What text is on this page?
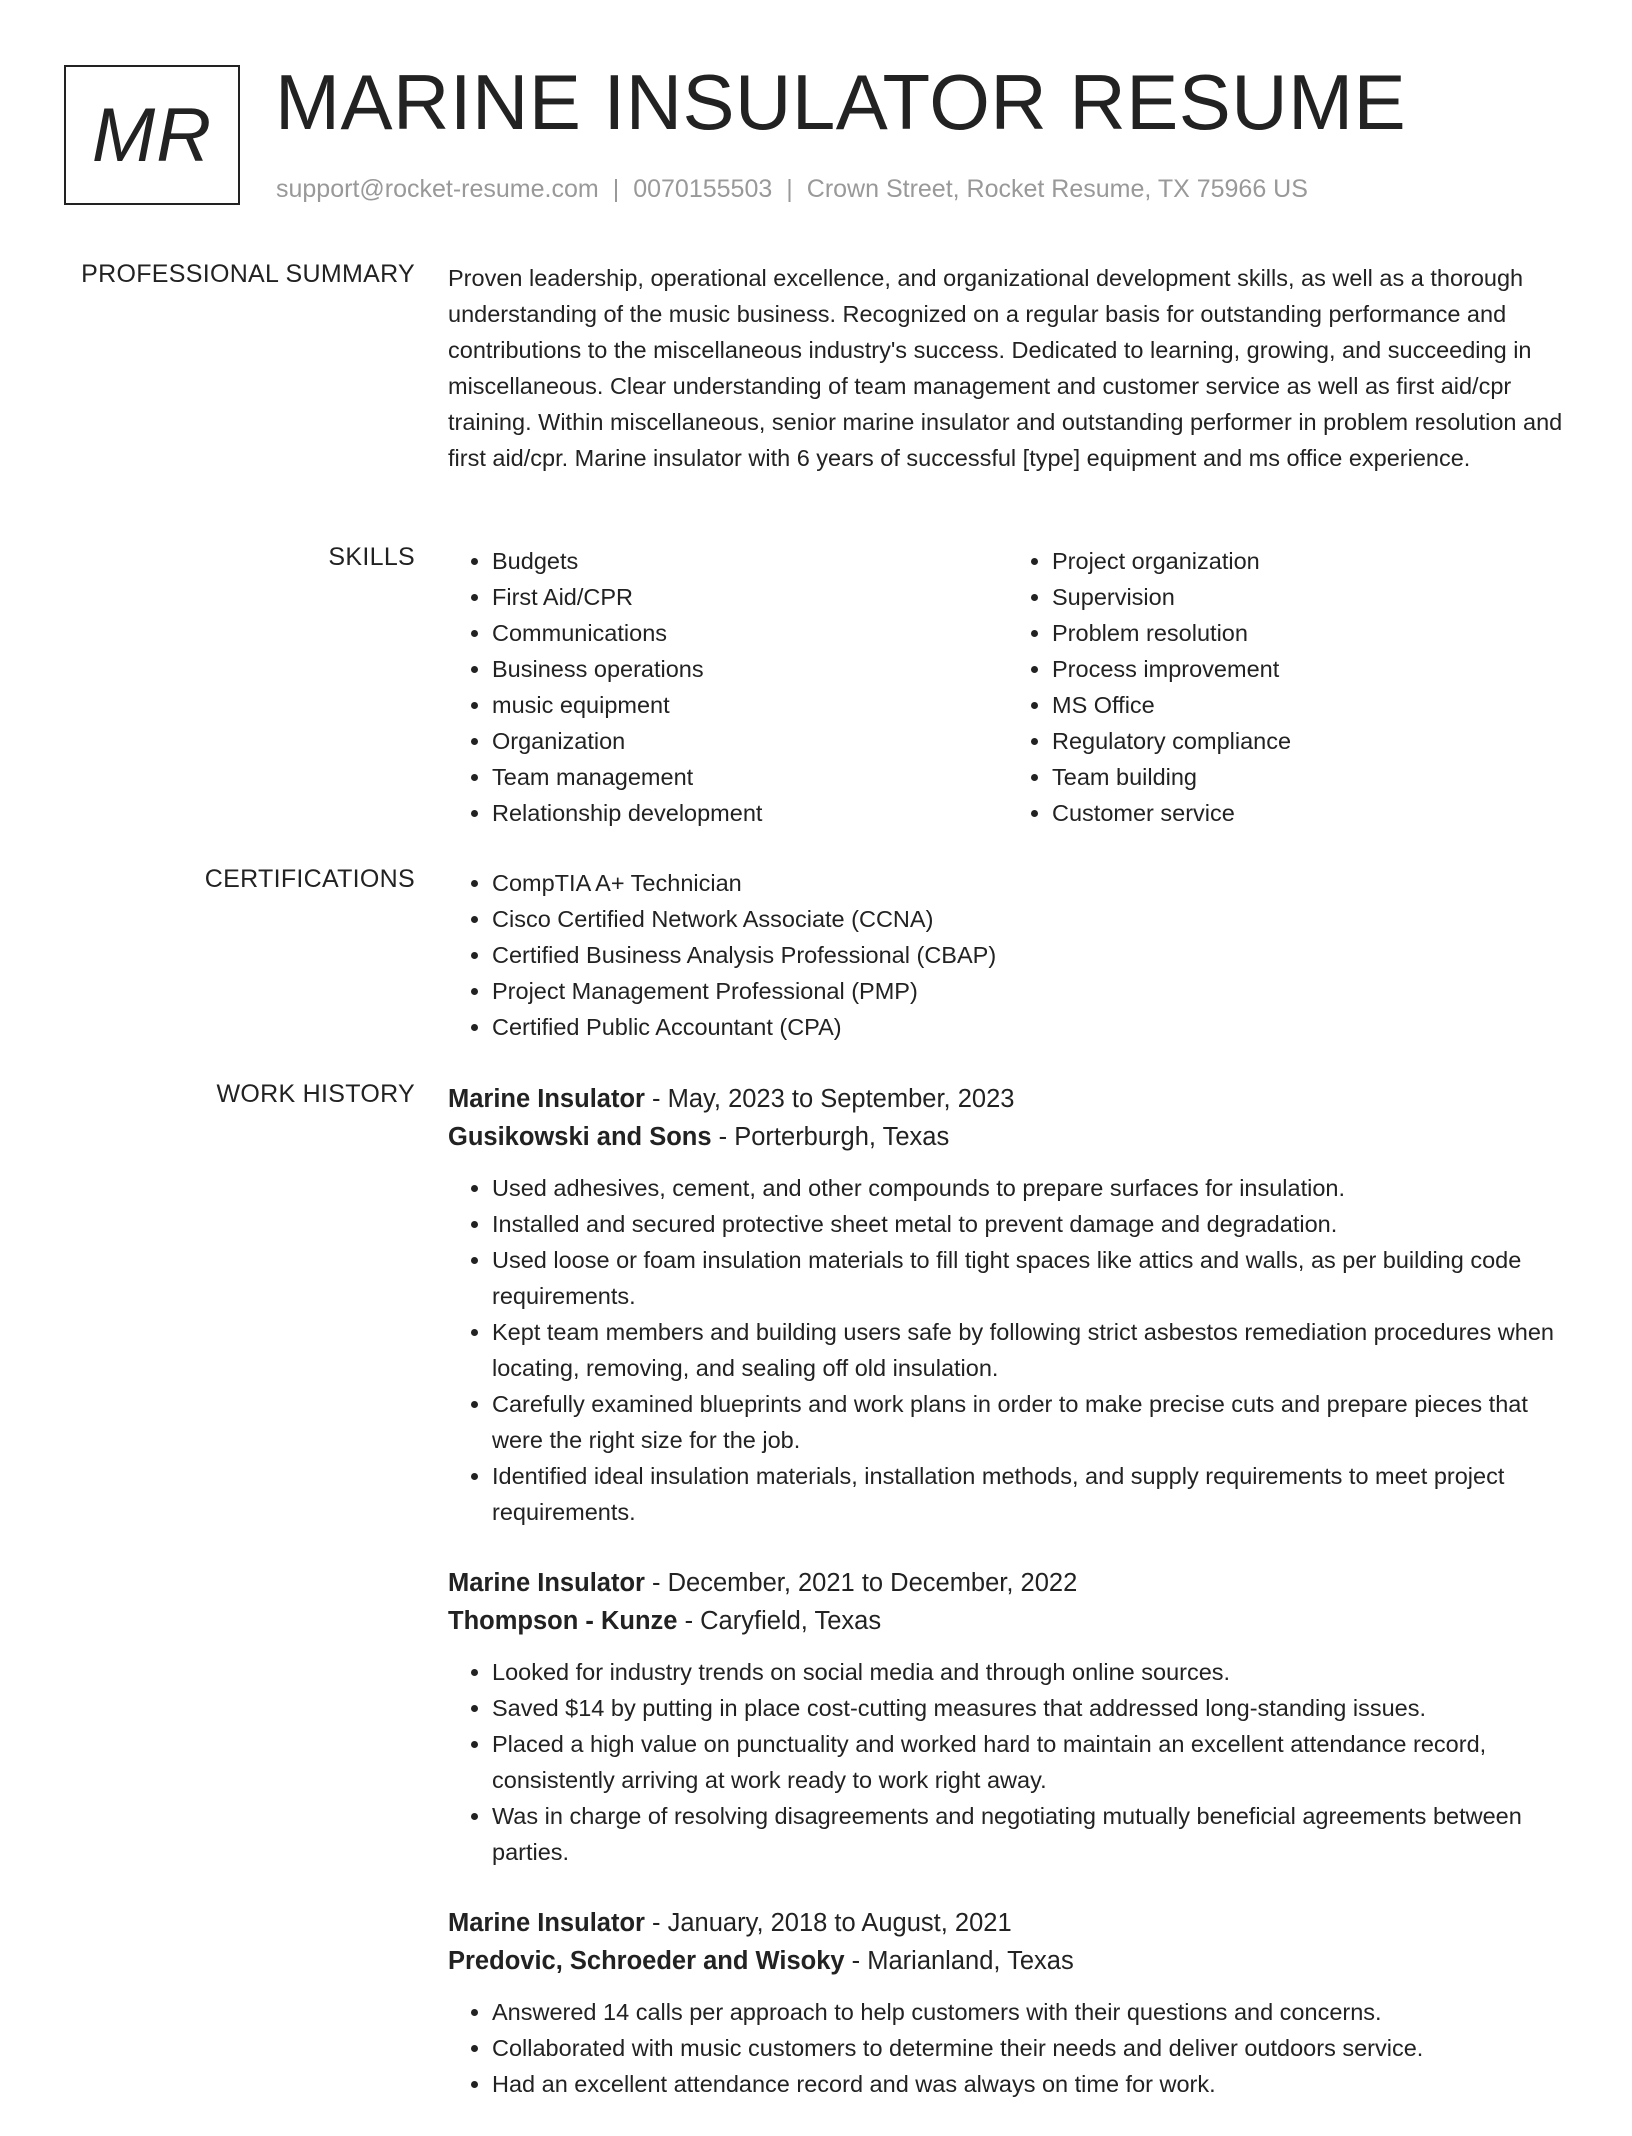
MR MARINE INSULATOR RESUME
support@rocket-resume.com | 0070155503 | Crown Street, Rocket Resume, TX 75966 US
PROFESSIONAL SUMMARY Proven leadership, operational excellence, and organizational development skills, as well as a thorough understanding of the music business. Recognized on a regular basis for outstanding performance and contributions to the miscellaneous industry's success. Dedicated to learning, growing, and succeeding in miscellaneous. Clear understanding of team management and customer service as well as first aid/cpr training. Within miscellaneous, senior marine insulator and outstanding performer in problem resolution and first aid/cpr. Marine insulator with 6 years of successful [type] equipment and ms office experience.

SKILLS	• Budgets
• First Aid/CPR
• Communications
• Business operations
• music equipment
• Organization
• Team management
• Relationship development
• Project organization
• Supervision
• Problem resolution
• Process improvement
• MS Office
• Regulatory compliance
• Team building
• Customer service
CERTIFICATIONS	• CompTIA A+ Technician
• Cisco Certified Network Associate (CCNA)
• Certified Business Analysis Professional (CBAP)
• Project Management Professional (PMP)
• Certified Public Accountant (CPA)
WORK HISTORY Marine Insulator - May, 2023 to September, 2023
Gusikowski and Sons - Porterburgh, Texas
• Used adhesives, cement, and other compounds to prepare surfaces for insulation.
• Installed and secured protective sheet metal to prevent damage and degradation.
• Used loose or foam insulation materials to fill tight spaces like attics and walls, as per building code requirements.
• Kept team members and building users safe by following strict asbestos remediation procedures when locating, removing, and sealing off old insulation.
• Carefully examined blueprints and work plans in order to make precise cuts and prepare pieces that were the right size for the job.
• Identified ideal insulation materials, installation methods, and supply requirements to meet project requirements.
Marine Insulator - December, 2021 to December, 2022
Thompson - Kunze - Caryfield, Texas
• Looked for industry trends on social media and through online sources.
• Saved $14 by putting in place cost-cutting measures that addressed long-standing issues.
• Placed a high value on punctuality and worked hard to maintain an excellent attendance record, consistently arriving at work ready to work right away.
• Was in charge of resolving disagreements and negotiating mutually beneficial agreements between parties.
Marine Insulator - January, 2018 to August, 2021
Predovic, Schroeder and Wisoky - Marianland, Texas
• Answered 14 calls per approach to help customers with their questions and concerns.
• Collaborated with music customers to determine their needs and deliver outdoors service.
• Had an excellent attendance record and was always on time for work.
